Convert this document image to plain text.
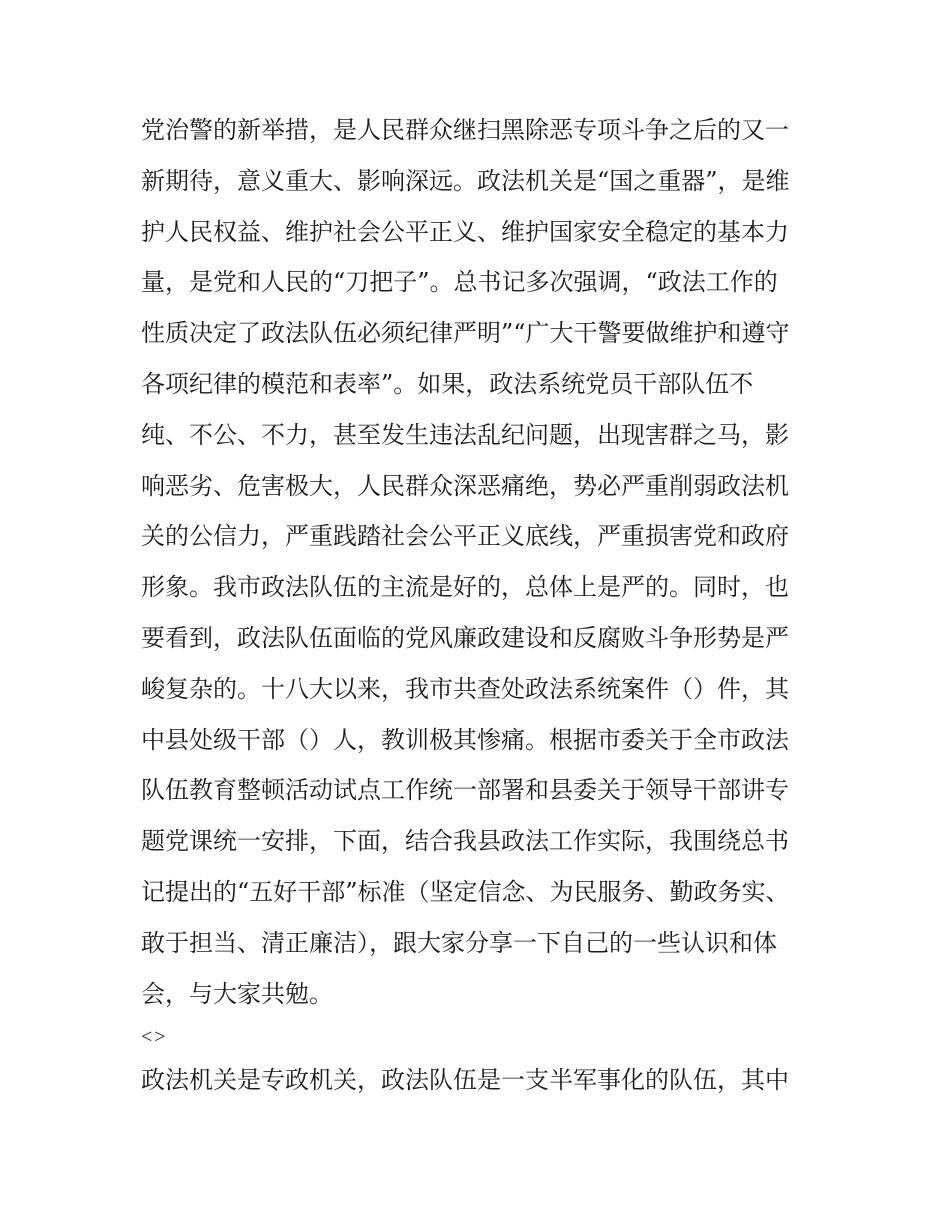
党治警的新举措，是人民群众继扫黑除恶专项斗争之后的又一
新期待，意义重大、影响深远。政法机关是“国之重器”，是维
护人民权益、维护社会公平正义、维护国家安全稳定的基本力
量，是党和人民的“刀把子”。总书记多次强调，“政法工作的
性质决定了政法队伍必须纪律严明”“广大干警要做维护和遵守
各项纪律的模范和表率”。如果，政法系统党员干部队伍不
纯、不公、不力，甚至发生违法乱纪问题，出现害群之马，影
响恶劣、危害极大，人民群众深恶痛绝，势必严重削弱政法机
关的公信力，严重践踏社会公平正义底线，严重损害党和政府
形象。我市政法队伍的主流是好的，总体上是严的。同时，也
要看到，政法队伍面临的党风廉政建设和反腐败斗争形势是严
峻复杂的。十八大以来，我市共查处政法系统案件（）件，其
中县处级干部（）人，教训极其惨痛。根据市委关于全市政法
队伍教育整顿活动试点工作统一部署和县委关于领导干部讲专
题党课统一安排，下面，结合我县政法工作实际，我围绕总书
记提出的“五好干部”标准（坚定信念、为民服务、勤政务实、
敢于担当、清正廉洁），跟大家分享一下自己的一些认识和体
会，与大家共勉。
<>
政法机关是专政机关，政法队伍是一支半军事化的队伍，其中
